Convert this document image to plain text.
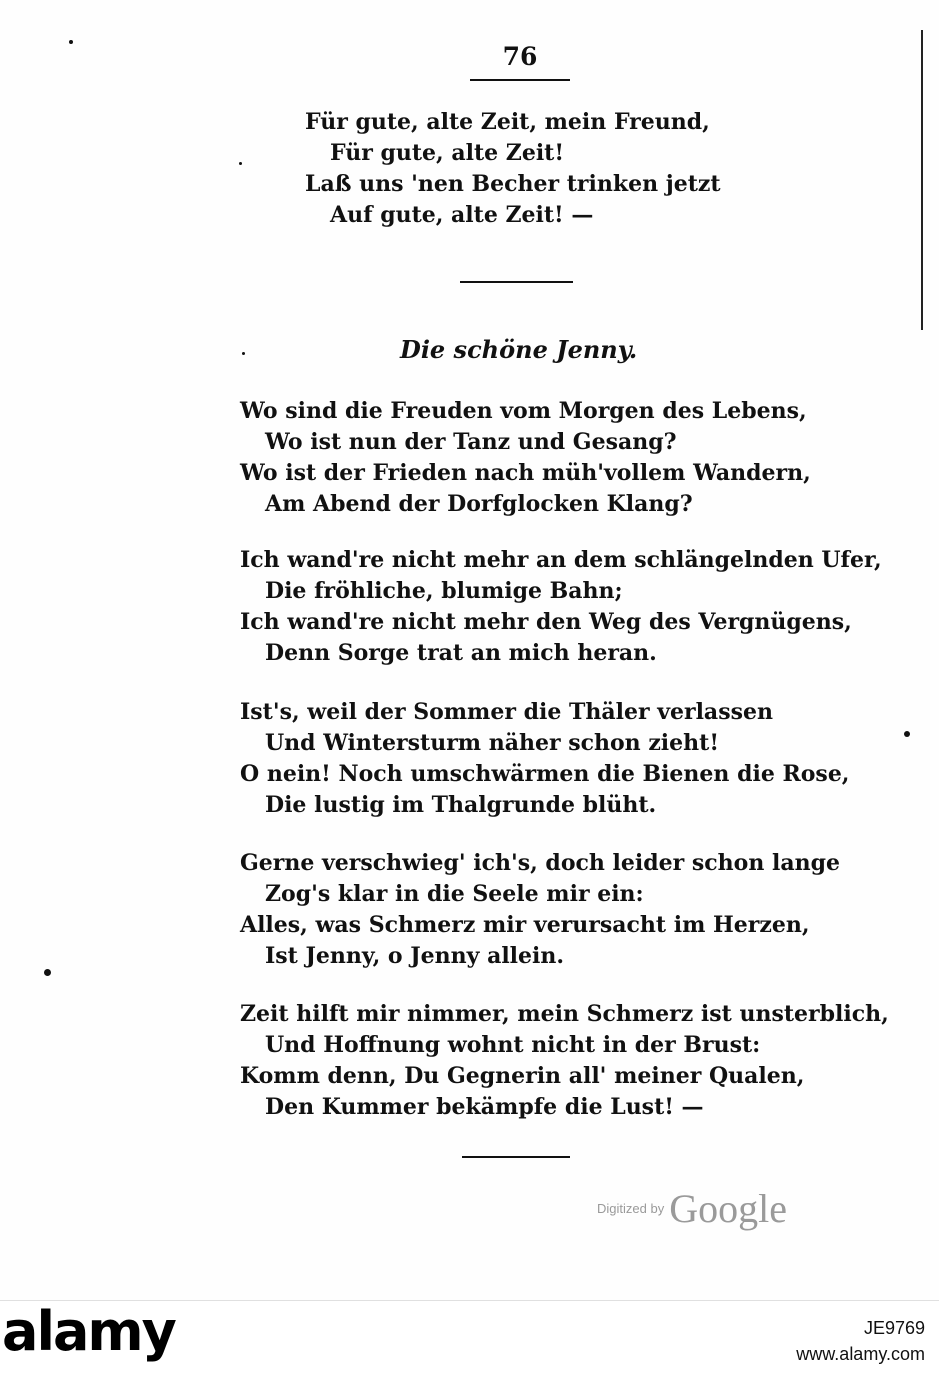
76
Für gute, alte Zeit, mein Freund,
Für gute, alte Zeit!
Laß uns 'nen Becher trinken jetzt
Auf gute, alte Zeit! —
Die schöne Jenny.
Wo sind die Freuden vom Morgen des Lebens,
Wo ist nun der Tanz und Gesang?
Wo ist der Frieden nach müh'vollem Wandern,
Am Abend der Dorfglocken Klang?
Ich wand're nicht mehr an dem schlängelnden Ufer,
Die fröhliche, blumige Bahn;
Ich wand're nicht mehr den Weg des Vergnügens,
Denn Sorge trat an mich heran.
Ist's, weil der Sommer die Thäler verlassen
Und Wintersturm näher schon zieht!
O nein! Noch umschwärmen die Bienen die Rose,
Die lustig im Thalgrunde blüht.
Gerne verschwieg' ich's, doch leider schon lange
Zog's klar in die Seele mir ein:
Alles, was Schmerz mir verursacht im Herzen,
Ist Jenny, o Jenny allein.
Zeit hilft mir nimmer, mein Schmerz ist unsterblich,
Und Hoffnung wohnt nicht in der Brust:
Komm denn, Du Gegnerin all' meiner Qualen,
Den Kummer bekämpfe die Lust! —
Digitized by Google
alamy	JE9769
www.alamy.com
